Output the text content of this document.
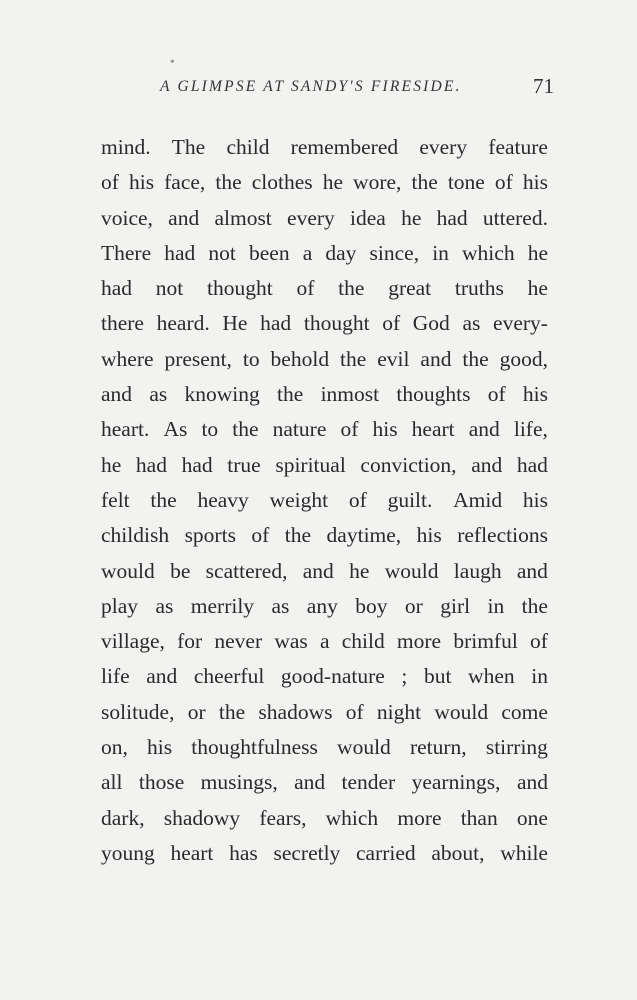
*
A GLIMPSE AT SANDY'S FIRESIDE.	71
mind. The child remembered every feature
of his face, the clothes he wore, the tone of his
voice, and almost every idea he had uttered.
There had not been a day since, in which he
had not thought of the great truths he
there heard. He had thought of God as every-
where present, to behold the evil and the good,
and as knowing the inmost thoughts of his
heart. As to the nature of his heart and life,
he had had true spiritual conviction, and had
felt the heavy weight of guilt. Amid his
childish sports of the daytime, his reflections
would be scattered, and he would laugh and
play as merrily as any boy or girl in the
village, for never was a child more brimful of
life and cheerful good-nature ; but when in
solitude, or the shadows of night would come
on, his thoughtfulness would return, stirring
all those musings, and tender yearnings, and
dark, shadowy fears, which more than one
young heart has secretly carried about, while
